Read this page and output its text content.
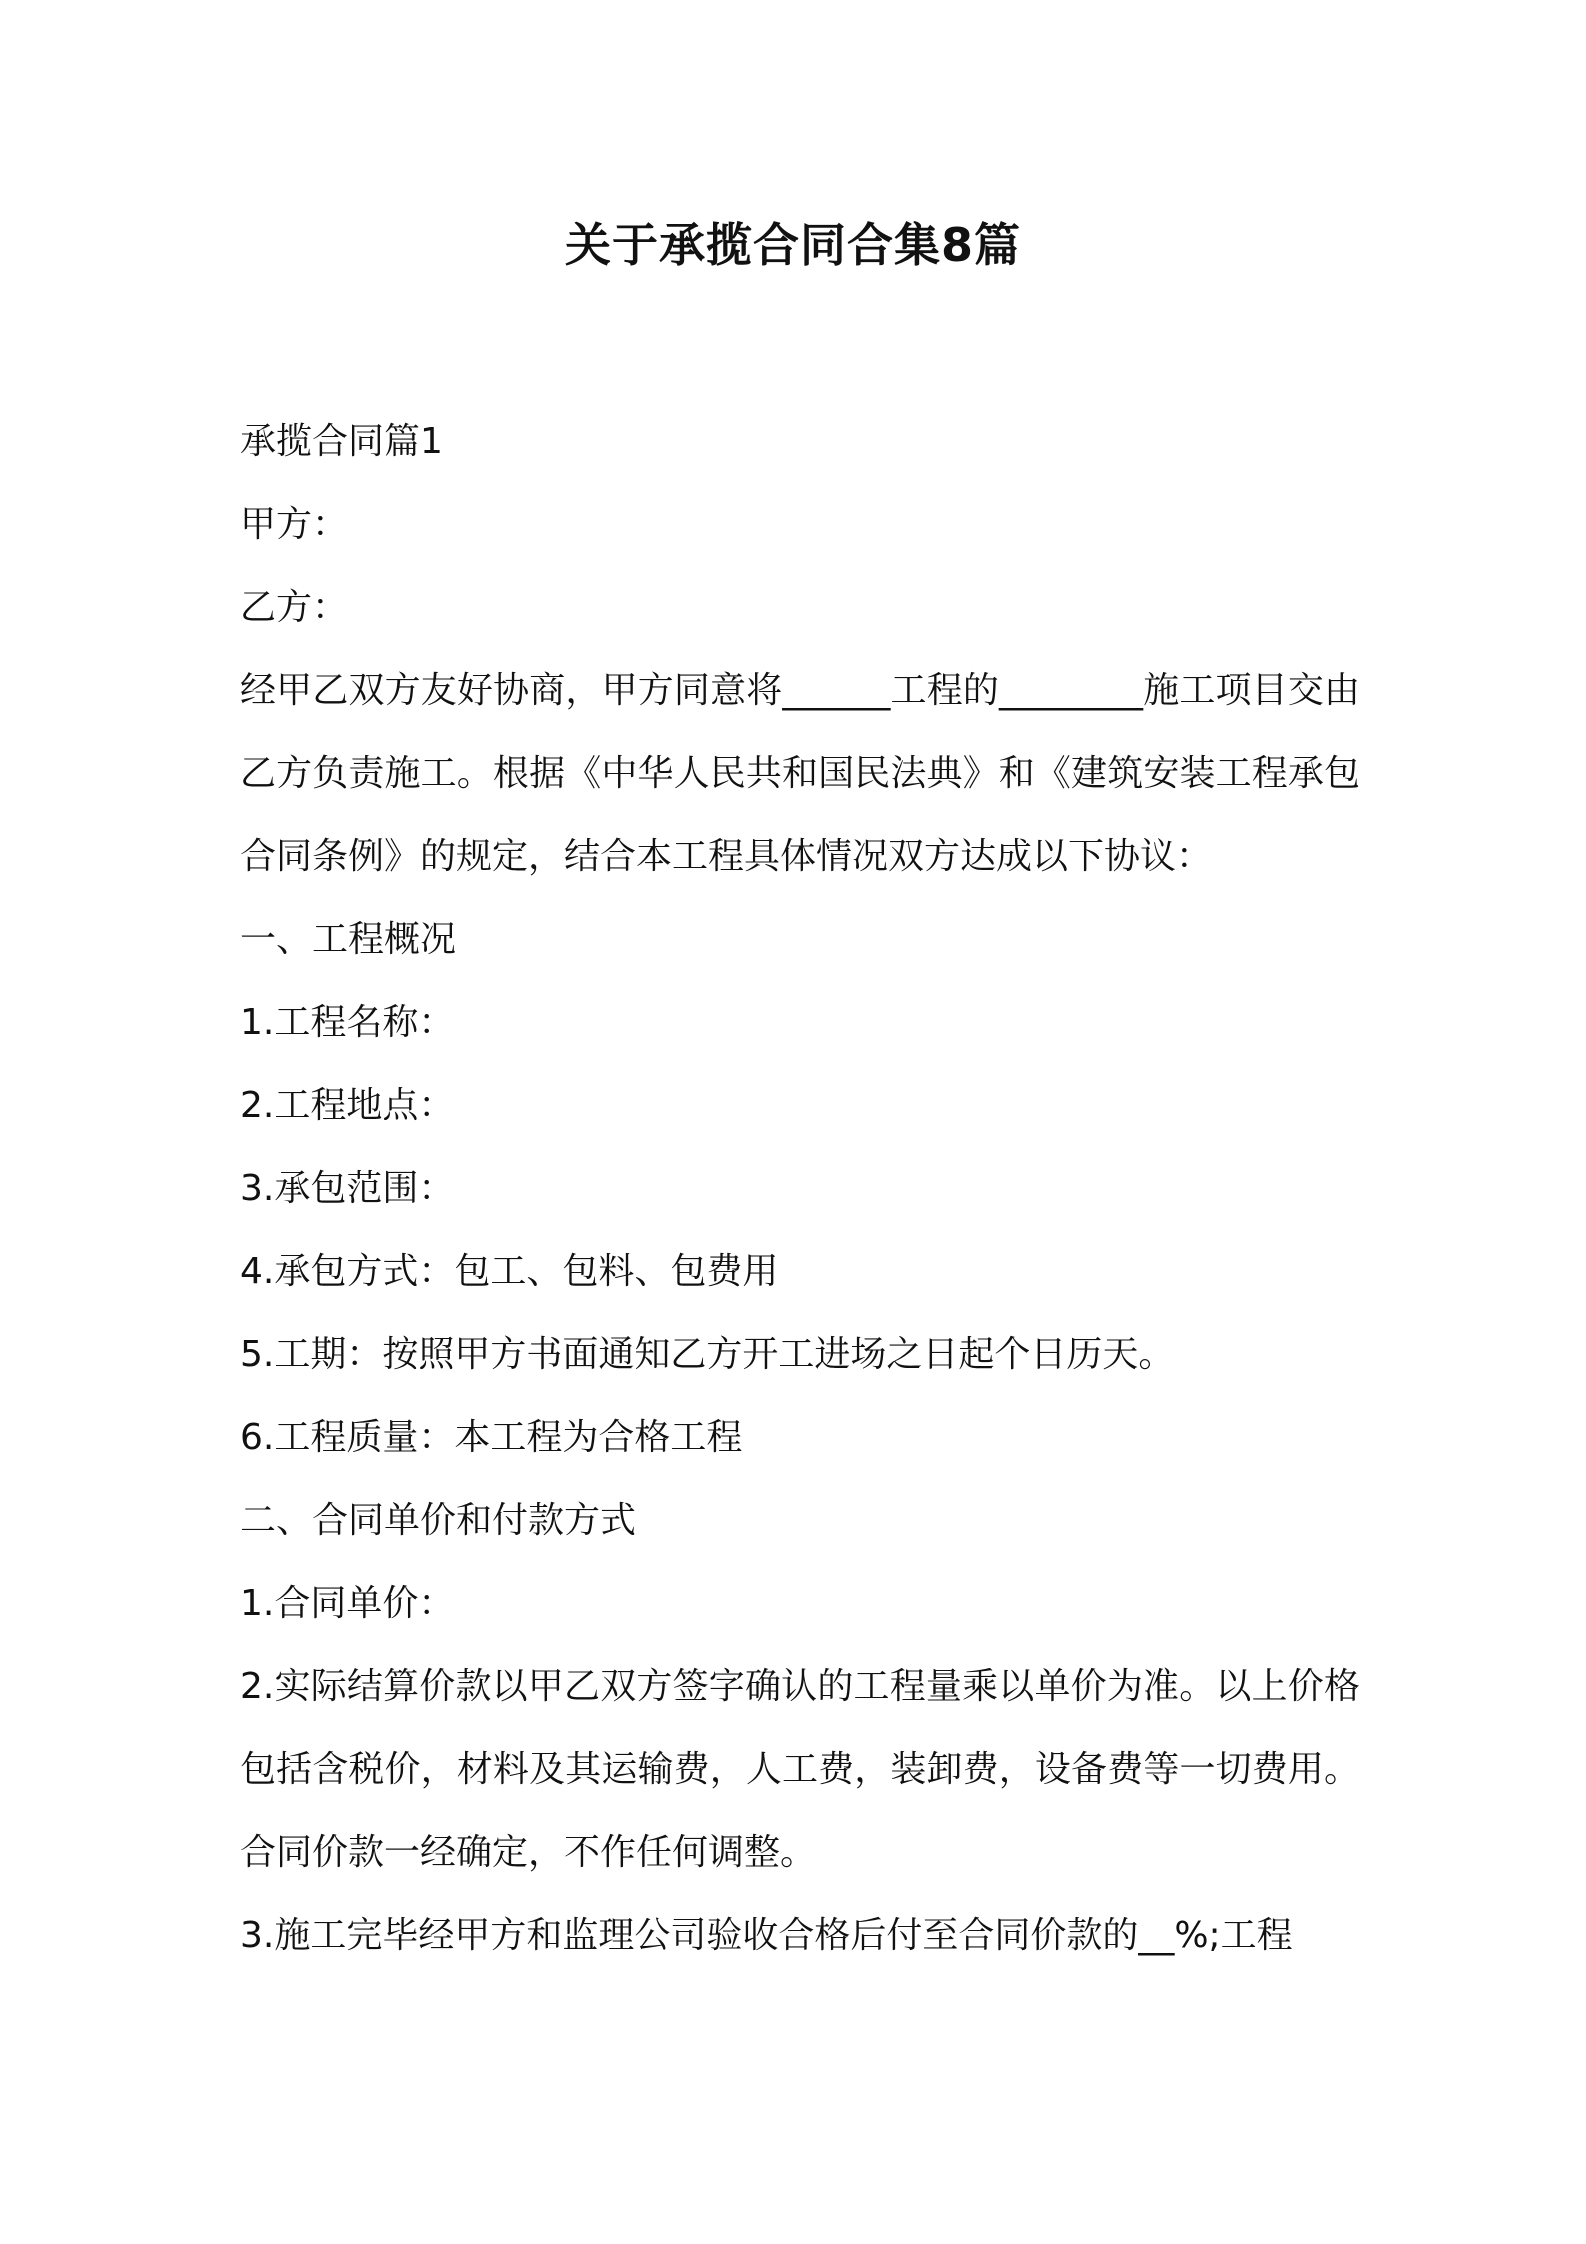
关于承揽合同合集8篇
承揽合同篇1
甲方：
乙方：
经甲乙双方友好协商，甲方同意将______工程的________施工项目交由乙方负责施工。根据《中华人民共和国民法典》和《建筑安装工程承包合同条例》的规定，结合本工程具体情况双方达成以下协议：
一、工程概况
1.工程名称：
2.工程地点：
3.承包范围：
4.承包方式：包工、包料、包费用
5.工期：按照甲方书面通知乙方开工进场之日起个日历天。
6.工程质量：本工程为合格工程
二、合同单价和付款方式
1.合同单价：
2.实际结算价款以甲乙双方签字确认的工程量乘以单价为准。以上价格包括含税价，材料及其运输费，人工费，装卸费，设备费等一切费用。合同价款一经确定，不作任何调整。
3.施工完毕经甲方和监理公司验收合格后付至合同价款的__%;工程
